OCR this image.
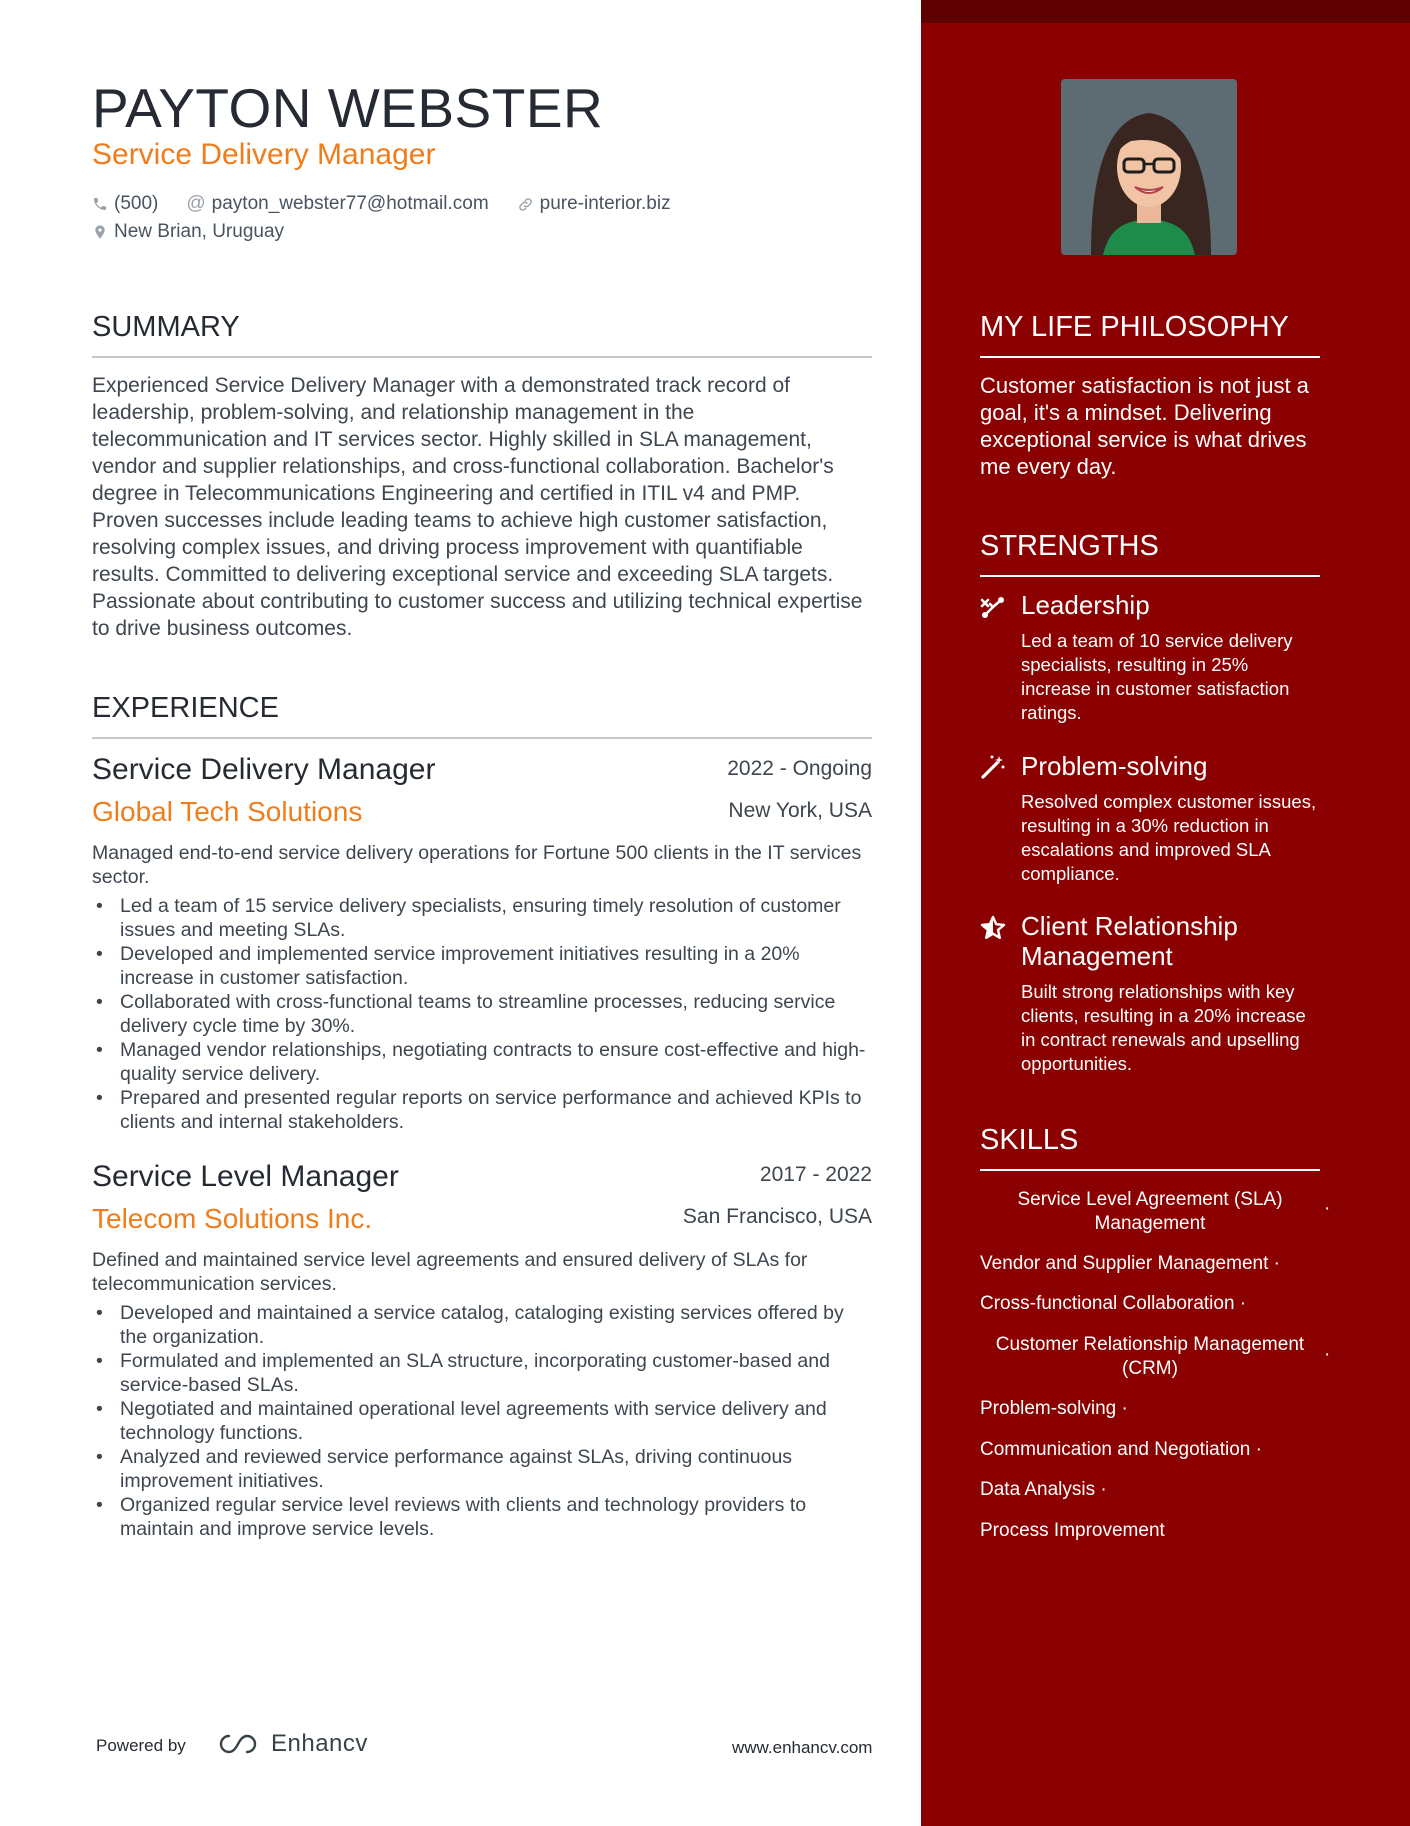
PAYTON WEBSTER
Service Delivery Manager
(500) @ payton_webster77@hotmail.com	pure-interior.biz
New Brian, Uruguay
SUMMARY

Experienced Service Delivery Manager with a demonstrated track record of leadership, problem-solving, and relationship management in the telecommunication and IT services sector. Highly skilled in SLA management, vendor and supplier relationships, and cross-functional collaboration. Bachelor's degree in Telecommunications Engineering and certified in ITIL v4 and PMP. Proven successes include leading teams to achieve high customer satisfaction, resolving complex issues, and driving process improvement with quantifiable results. Committed to delivering exceptional service and exceeding SLA targets. Passionate about contributing to customer success and utilizing technical expertise to drive business outcomes.

EXPERIENCE
Service Delivery Manager	2022 - Ongoing
Global Tech Solutions	New York, USA

Managed end-to-end service delivery operations for Fortune 500 clients in the IT services sector.

• Led a team of 15 service delivery specialists, ensuring timely resolution of customer issues and meeting SLAs.
• Developed and implemented service improvement initiatives resulting in a 20% increase in customer satisfaction.
• Collaborated with cross-functional teams to streamline processes, reducing service delivery cycle time by 30%.
• Managed vendor relationships, negotiating contracts to ensure cost-effective and high-quality service delivery.
• Prepared and presented regular reports on service performance and achieved KPIs to clients and internal stakeholders.
Service Level Manager	2017 - 2022
Telecom Solutions Inc.	San Francisco, USA

Defined and maintained service level agreements and ensured delivery of SLAs for telecommunication services.

• Developed and maintained a service catalog, cataloging existing services offered by the organization.
• Formulated and implemented an SLA structure, incorporating customer-based and service-based SLAs.
• Negotiated and maintained operational level agreements with service delivery and technology functions.
• Analyzed and reviewed service performance against SLAs, driving continuous improvement initiatives.
• Organized regular service level reviews with clients and technology providers to maintain and improve service levels.
Powered by	Enhancv	www.enhancv.com
MY LIFE PHILOSOPHY

Customer satisfaction is not just a goal, it's a mindset. Delivering exceptional service is what drives me every day.

STRENGTHS
Leadership

Led a team of 10 service delivery specialists, resulting in 25% increase in customer satisfaction ratings.

Problem-solving

Resolved complex customer issues, resulting in a 30% reduction in escalations and improved SLA compliance.

Client Relationship Management

Built strong relationships with key clients, resulting in a 20% increase in contract renewals and upselling opportunities.

SKILLS
Service Level Agreement (SLA) Management
·
Vendor and Supplier Management ·
Cross-functional Collaboration ·
Customer Relationship Management (CRM)
·
Problem-solving ·
Communication and Negotiation ·
Data Analysis ·
Process Improvement
